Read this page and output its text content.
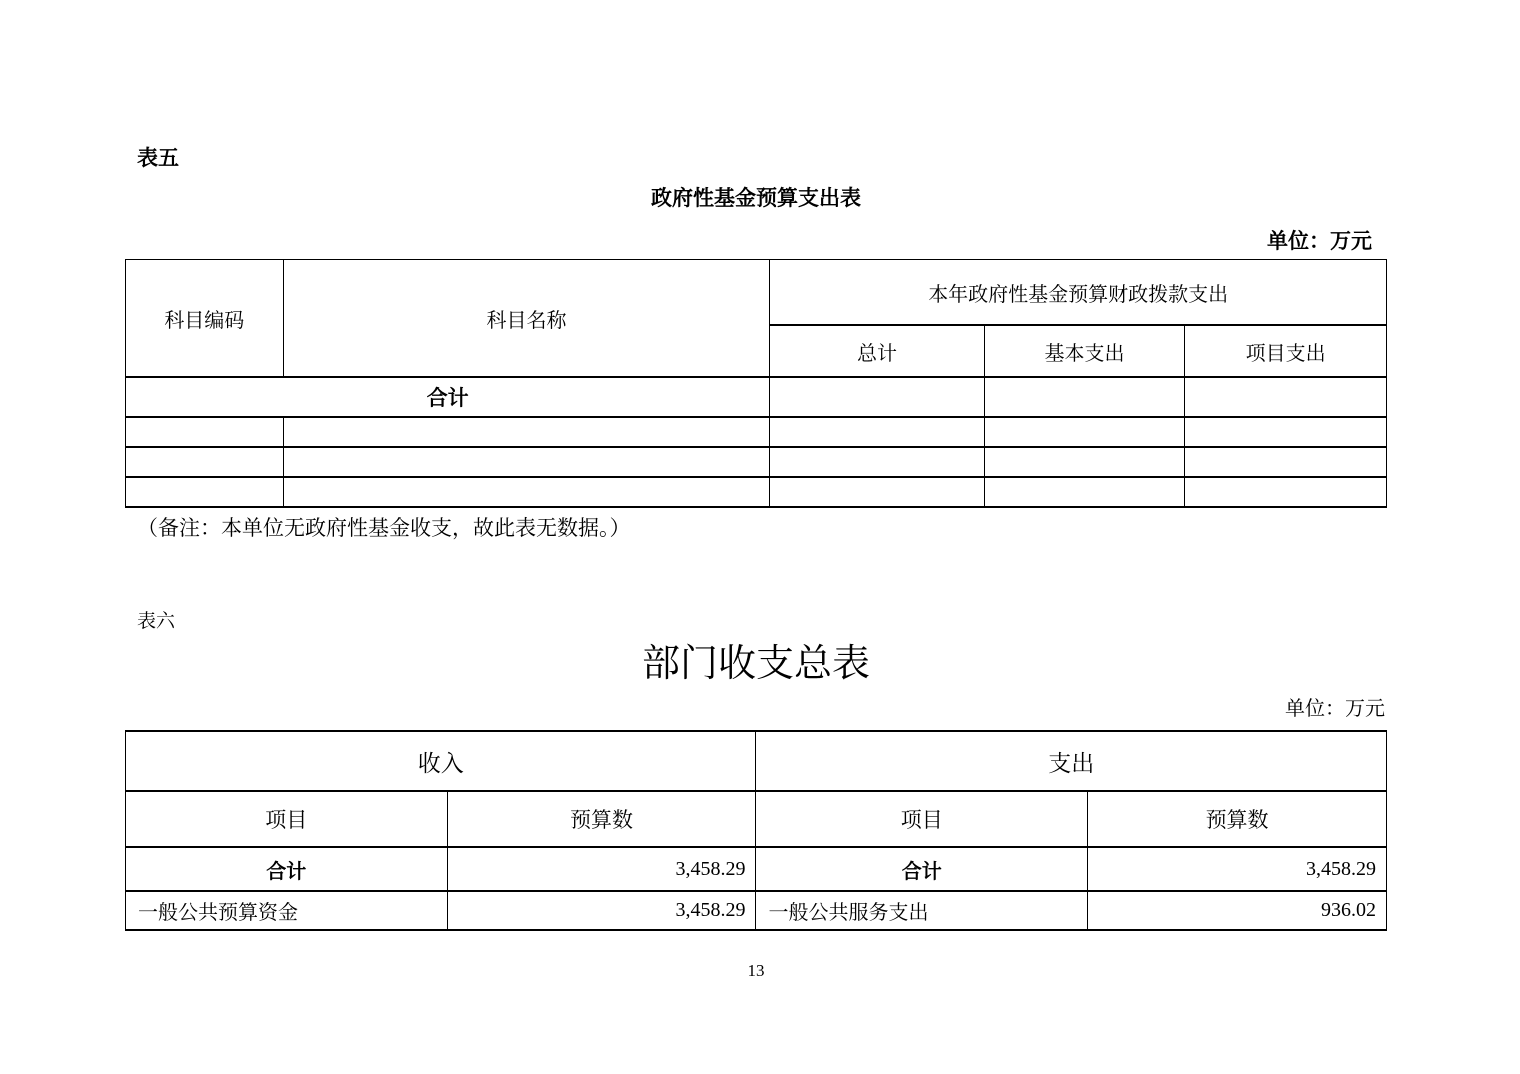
表五
政府性基金预算支出表
单位：万元
科目编码	科目名称	本年政府性基金预算财政拨款支出		
		总计	基本支出	项目支出
合计				

（备注：本单位无政府性基金收支，故此表无数据。）
表六
部门收支总表
单位：万元
收入		支出	
项目	预算数	项目	预算数
合计	3,458.29	合计	3,458.29
一般公共预算资金	3,458.29	一般公共服务支出	936.02
13
